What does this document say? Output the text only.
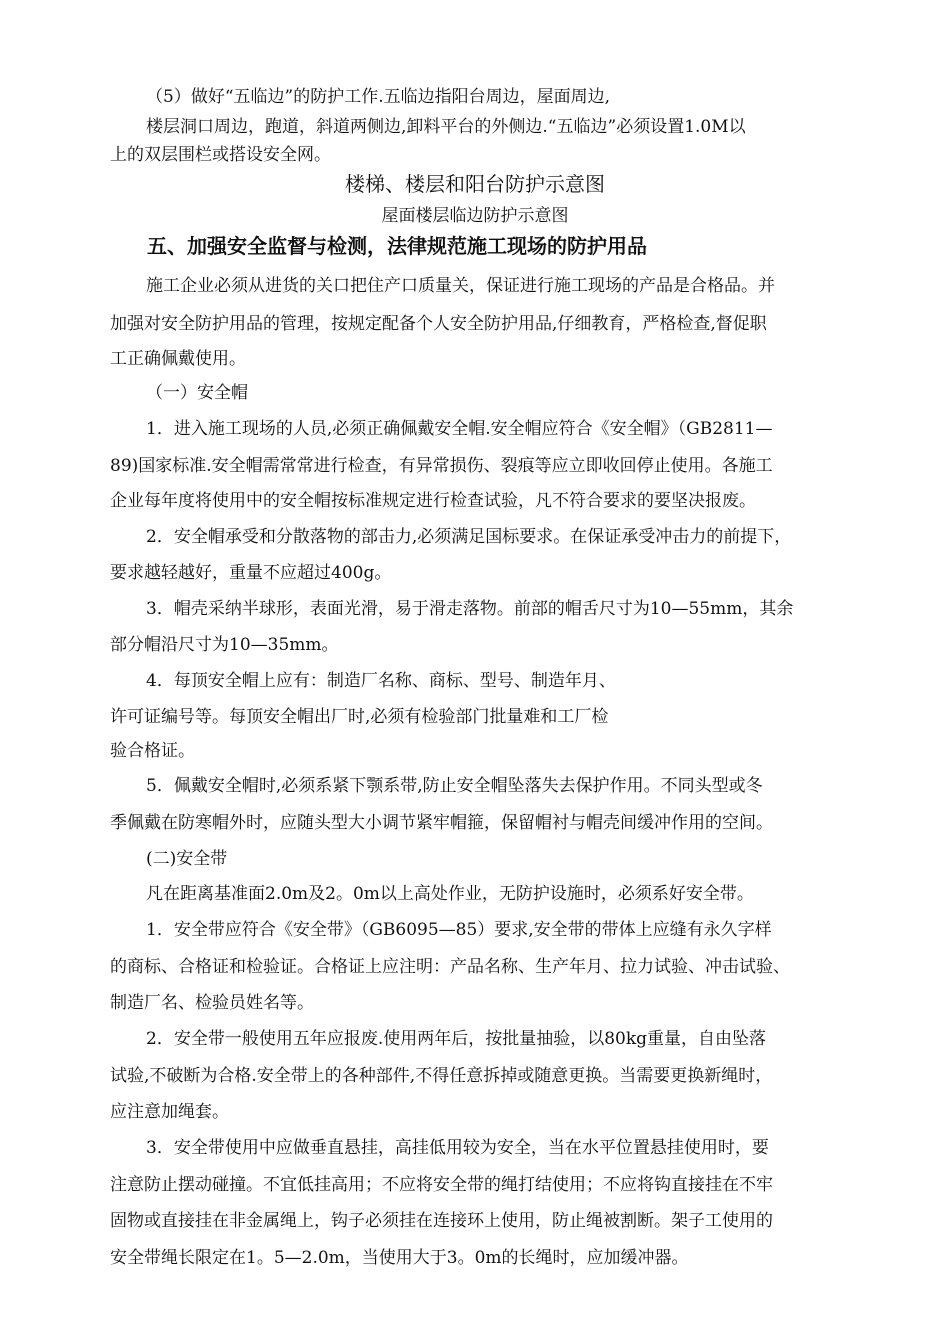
（5）做好“五临边”的防护工作.五临边指阳台周边，屋面周边,
楼层洞口周边，跑道，斜道两侧边,卸料平台的外侧边.“五临边”必须设置1.0M以
上的双层围栏或搭设安全网。
楼梯、楼层和阳台防护示意图
屋面楼层临边防护示意图
五、加强安全监督与检测，法律规范施工现场的防护用品
施工企业必须从进货的关口把住产口质量关，保证进行施工现场的产品是合格品。并
加强对安全防护用品的管理，按规定配备个人安全防护用品,仔细教育，严格检查,督促职
工正确佩戴使用。
（一）安全帽
1．进入施工现场的人员,必须正确佩戴安全帽.安全帽应符合《安全帽》（GB2811—
89)国家标准.安全帽需常常进行检查，有异常损伤、裂痕等应立即收回停止使用。各施工
企业每年度将使用中的安全帽按标准规定进行检查试验，凡不符合要求的要坚决报废。
2．安全帽承受和分散落物的部击力,必须满足国标要求。在保证承受冲击力的前提下，
要求越轻越好，重量不应超过400g。
3．帽壳采纳半球形，表面光滑，易于滑走落物。前部的帽舌尺寸为10—55mm，其余
部分帽沿尺寸为10—35mm。
4．每顶安全帽上应有：制造厂名称、商标、型号、制造年月、
许可证编号等。每顶安全帽出厂时,必须有检验部门批量难和工厂检
验合格证。
5．佩戴安全帽时,必须系紧下颚系带,防止安全帽坠落失去保护作用。不同头型或冬
季佩戴在防寒帽外时，应随头型大小调节紧牢帽箍，保留帽衬与帽壳间缓冲作用的空间。
(二)安全带
凡在距离基准面2.0m及2。0m以上高处作业，无防护设施时，必须系好安全带。
1．安全带应符合《安全带》（GB6095—85）要求,安全带的带体上应缝有永久字样
的商标、合格证和检验证。合格证上应注明：产品名称、生产年月、拉力试验、冲击试验、
制造厂名、检验员姓名等。
2．安全带一般使用五年应报废.使用两年后，按批量抽验，以80kg重量，自由坠落
试验,不破断为合格.安全带上的各种部件,不得任意拆掉或随意更换。当需要更换新绳时，
应注意加绳套。
3．安全带使用中应做垂直悬挂，高挂低用较为安全，当在水平位置悬挂使用时，要
注意防止摆动碰撞。不宜低挂高用；不应将安全带的绳打结使用；不应将钩直接挂在不牢
固物或直接挂在非金属绳上，钩子必须挂在连接环上使用，防止绳被割断。架子工使用的
安全带绳长限定在1。5—2.0m，当使用大于3。0m的长绳时，应加缓冲器。
